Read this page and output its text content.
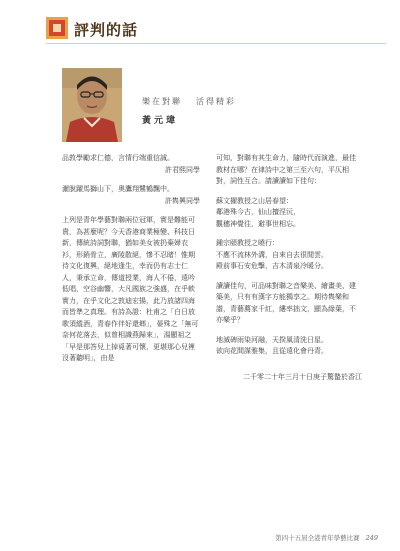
評判的話
樂在對聯 活得精彩
黃元瑋

品敦學勵求仁德，言情行端重信誠。

許君熙同學

灑脫躍馬獅山下，奥鷹翔鷺鶴飄中。

許雋興同學

上列是青年學藝對聯兩位冠軍，實是難能可貴，為甚麼呢？今天香港商業極變、科技日新，傳統詩詞對聯，猶如美女被扔棄婦衣衫，形銷骨立，廣陵散絕，慘不忍睹！惟期待文化復興，絕地逢生，幸而仍有志士仁人，秉承立命，傳道授業，海人不倦，遠吟低唱，空谷幽響，大凡國族之強盛，在乎軟實力，在乎文化之敦迪宏揚，此乃放諸四海而皆準之真理。有詩為證：杜甫之「白日放歌須縱酒，青春作伴好還鄉」，晏殊之「無可奈何花落去，似曾相識燕歸來」，湯顯祖之「早是那答兒上掉覓著可懷，更堪那心兒裡沒著聽明」，由是

可知，對聯有其生命力，隨時代而演進，最佳教材在哪？在律詩中之第三至六句，平仄相對，詞性互合。請讀讀如下佳句：

蘇文擢教授之山居春望：

鄰港殊今古，仙山擅涅沅，

觀穗神覺往，避事世相忘。

鍾宗頤教授之曉行：

不應不流林外溝，自來自去很閒雲。

殿前事石安危擊，吉木清泉冷暖分。

讀讀佳句，可品味對聯之音樂美、繪畫美、建築美，只有有漢字方能獨享之。期待雋樂和諧，青藝薦家千紅，縷率拙文，顯為綠葉，不亦樂乎？

地滅碑雨染河融，天揆風清洗日星。

欲向花間謀雅集，且從遠化會丹青。

二千零二十年三月十日庚子驚蟄於香江

第四十五屆全港青年學藝比賽 249
